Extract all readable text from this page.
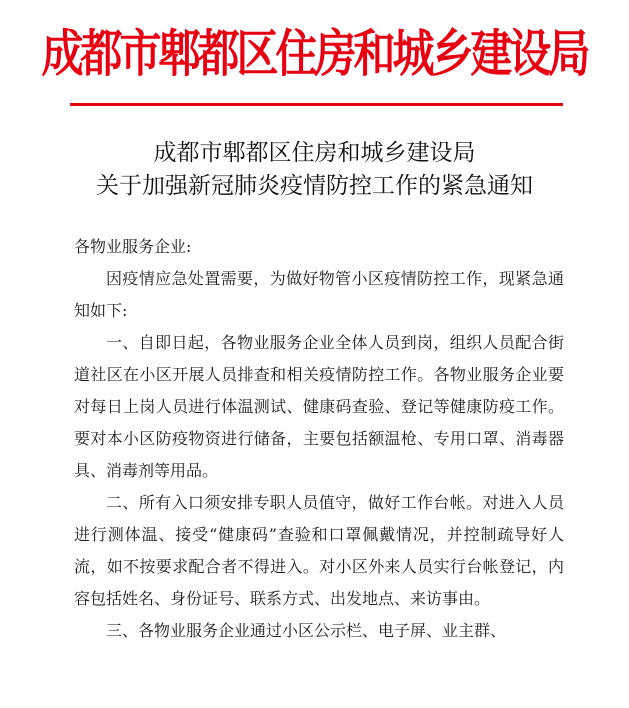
成都市郫都区住房和城乡建设局
成都市郫都区住房和城乡建设局
关于加强新冠肺炎疫情防控工作的紧急通知

各物业服务企业:

因疫情应急处置需要，为做好物管小区疫情防控工作，现紧急通知如下:

一、自即日起，各物业服务企业全体人员到岗，组织人员配合街道社区在小区开展人员排查和相关疫情防控工作。各物业服务企业要对每日上岗人员进行体温测试、健康码查验、登记等健康防疫工作。要对本小区防疫物资进行储备，主要包括额温枪、专用口罩、消毒器具、消毒剂等用品。

二、所有入口须安排专职人员值守，做好工作台帐。对进入人员进行测体温、接受“健康码”查验和口罩佩戴情况，并控制疏导好人流，如不按要求配合者不得进入。对小区外来人员实行台帐登记，内容包括姓名、身份证号、联系方式、出发地点、来访事由。

三、各物业服务企业通过小区公示栏、电子屏、业主群、
